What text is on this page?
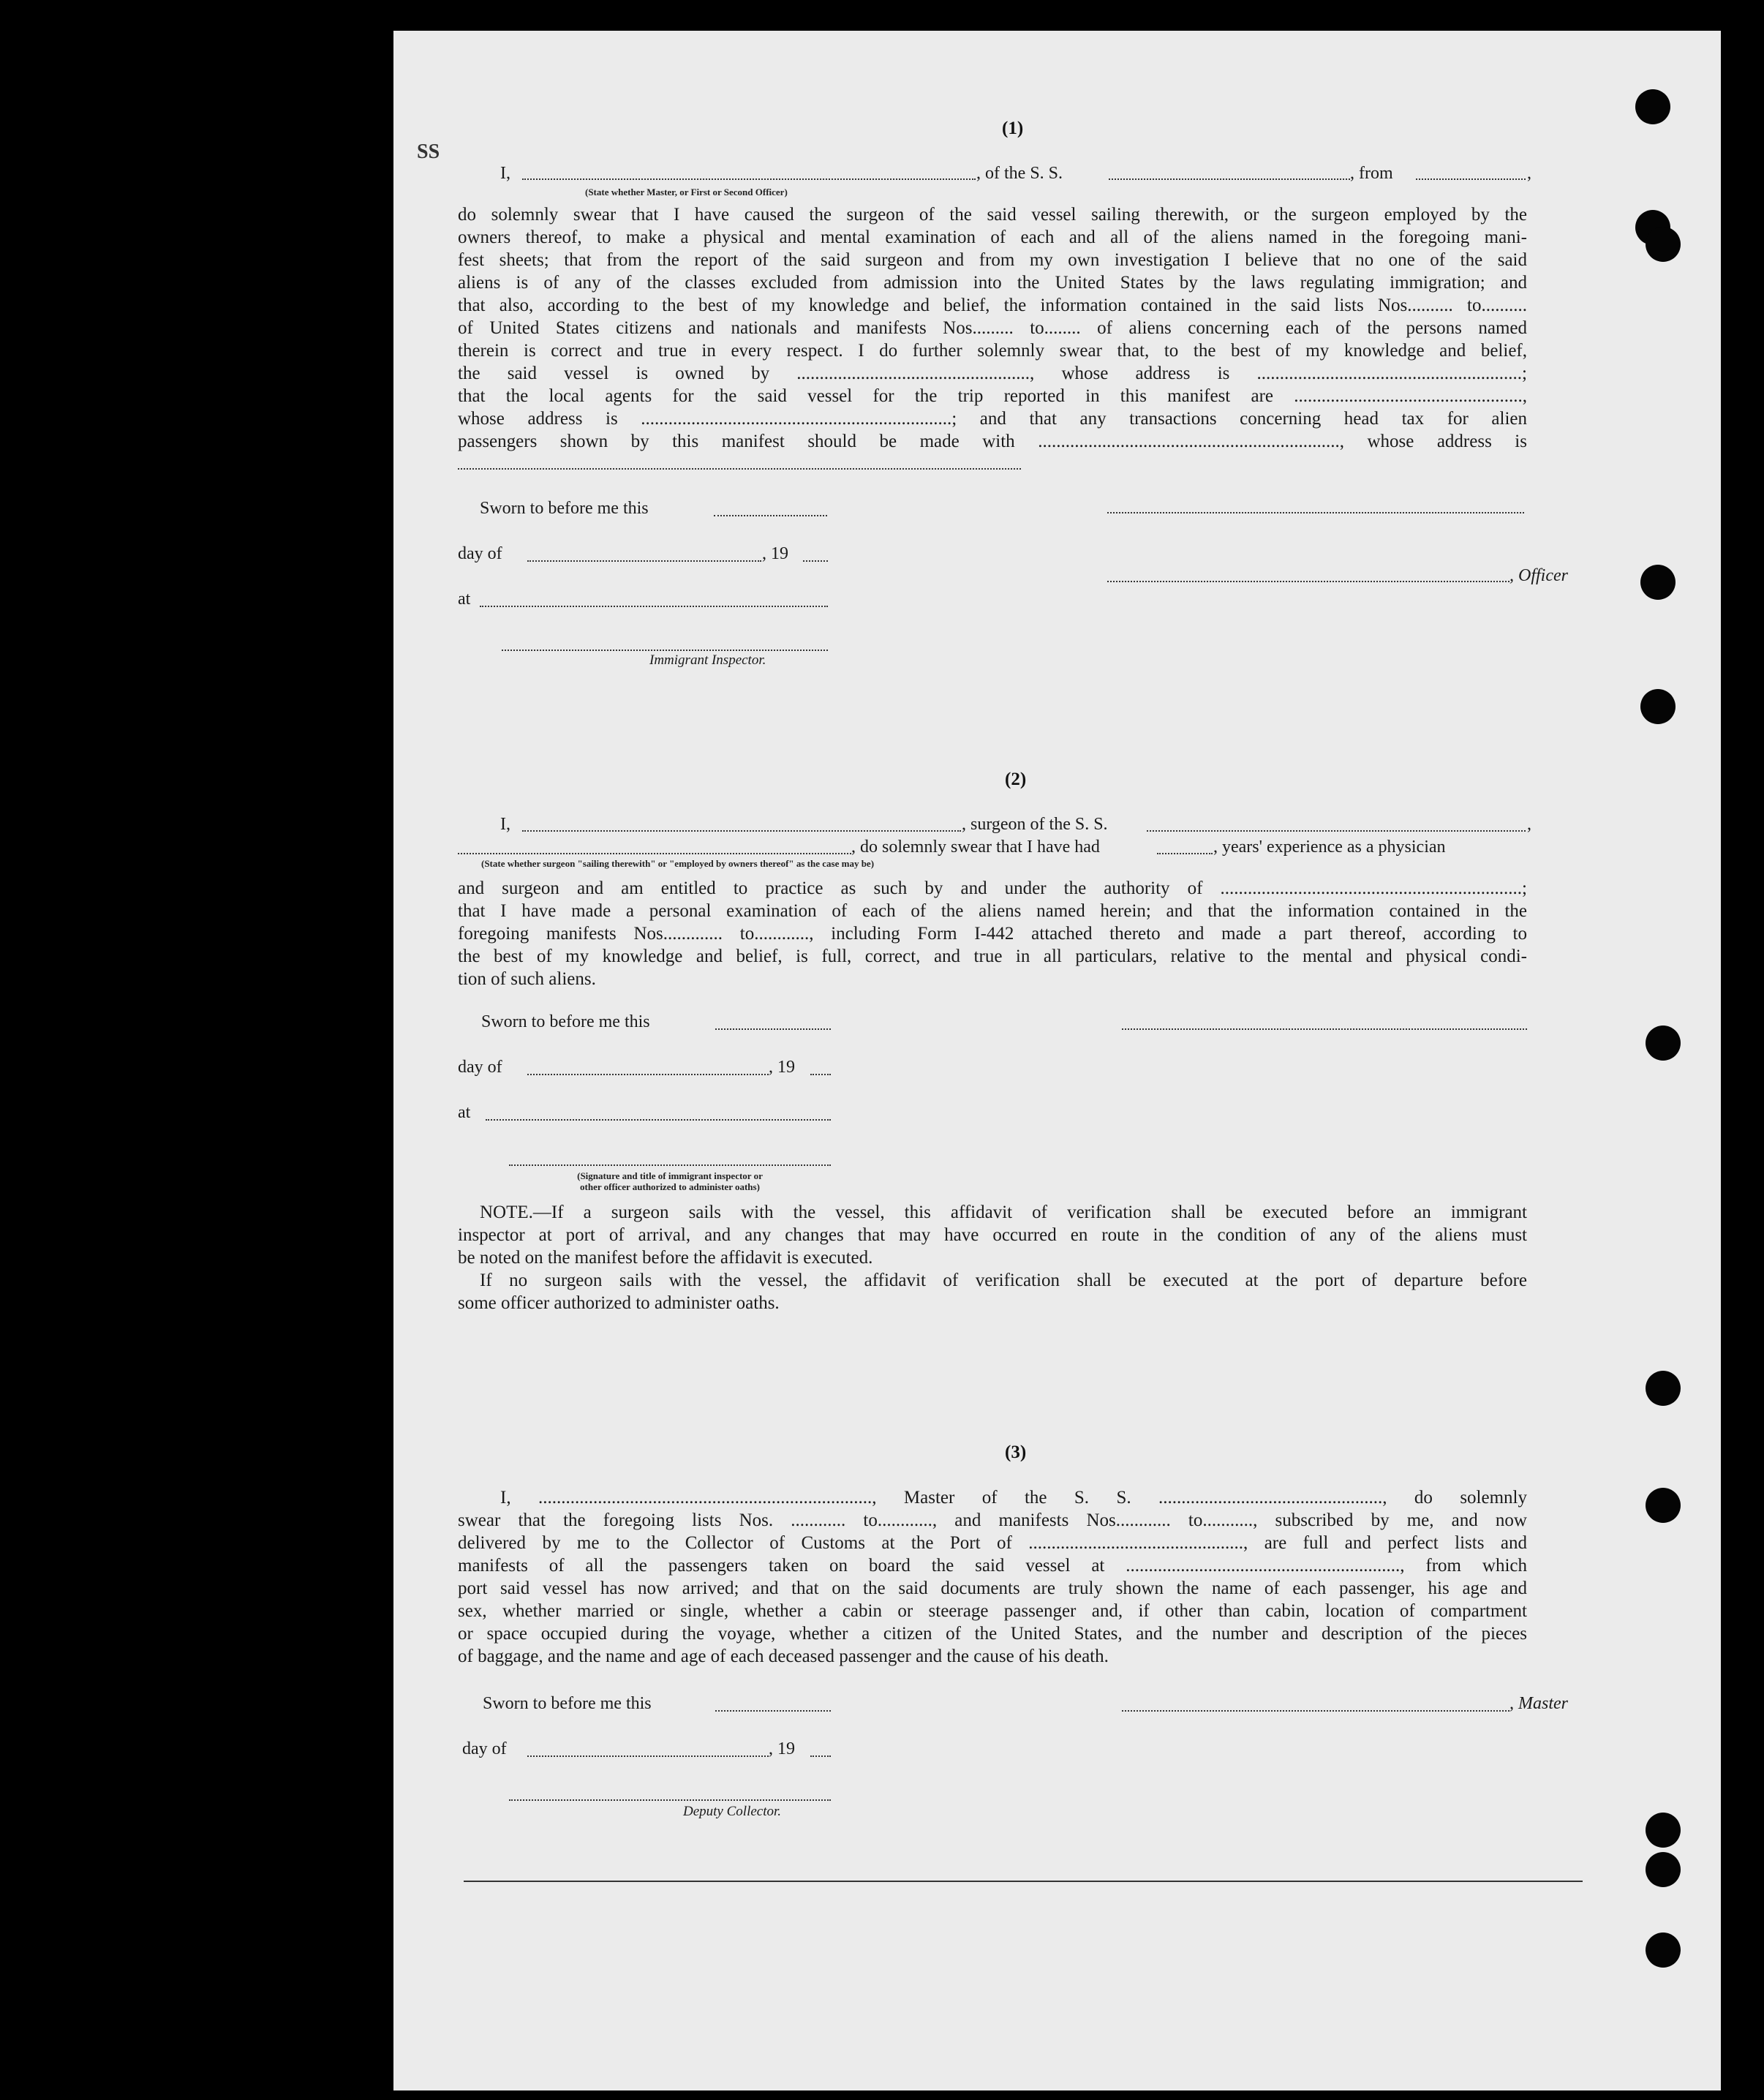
SS
(1)
I,	, of the S. S.	, from	,
(State whether Master, or First or Second Officer)
do solemnly swear that I have caused the surgeon of the said vessel sailing therewith, or the surgeon employed by the
owners thereof, to make a physical and mental examination of each and all of the aliens named in the foregoing mani-
fest sheets; that from the report of the said surgeon and from my own investigation I believe that no one of the said
aliens is of any of the classes excluded from admission into the United States by the laws regulating immigration; and
that also, according to the best of my knowledge and belief, the information contained in the said lists Nos.......... to..........
of United States citizens and nationals and manifests Nos......... to........ of aliens concerning each of the persons named
therein is correct and true in every respect. I do further solemnly swear that, to the best of my knowledge and belief,
the said vessel is owned by ..................................................., whose address is ..........................................................;
that the local agents for the said vessel for the trip reported in this manifest are ..................................................,
whose address is ....................................................................; and that any transactions concerning head tax for alien
passengers shown by this manifest should be made with .................................................................., whose address is
Sworn to before me this
day of	, 19
, Officer
at
Immigrant Inspector.
(2)
I,	, surgeon of the S. S.	,
, do solemnly swear that I have had	, years' experience as a physician
(State whether surgeon "sailing therewith" or "employed by owners thereof" as the case may be)
and surgeon and am entitled to practice as such by and under the authority of ..................................................................;
that I have made a personal examination of each of the aliens named herein; and that the information contained in the
foregoing manifests Nos............. to............, including Form I-442 attached thereto and made a part thereof, according to
the best of my knowledge and belief, is full, correct, and true in all particulars, relative to the mental and physical condi-
tion of such aliens.
Sworn to before me this
day of	, 19
at
(Signature and title of immigrant inspector or
other officer authorized to administer oaths)
NOTE.—If a surgeon sails with the vessel, this affidavit of verification shall be executed before an immigrant
inspector at port of arrival, and any changes that may have occurred en route in the condition of any of the aliens must
be noted on the manifest before the affidavit is executed.
If no surgeon sails with the vessel, the affidavit of verification shall be executed at the port of departure before
some officer authorized to administer oaths.
(3)
I, ........................................................................., Master of the S. S. ................................................., do solemnly
swear that the foregoing lists Nos. ............ to............, and manifests Nos............ to..........., subscribed by me, and now
delivered by me to the Collector of Customs at the Port of ..............................................., are full and perfect lists and
manifests of all the passengers taken on board the said vessel at ............................................................, from which
port said vessel has now arrived; and that on the said documents are truly shown the name of each passenger, his age and
sex, whether married or single, whether a cabin or steerage passenger and, if other than cabin, location of compartment
or space occupied during the voyage, whether a citizen of the United States, and the number and description of the pieces
of baggage, and the name and age of each deceased passenger and the cause of his death.
Sworn to before me this	, Master
day of	, 19
Deputy Collector.
